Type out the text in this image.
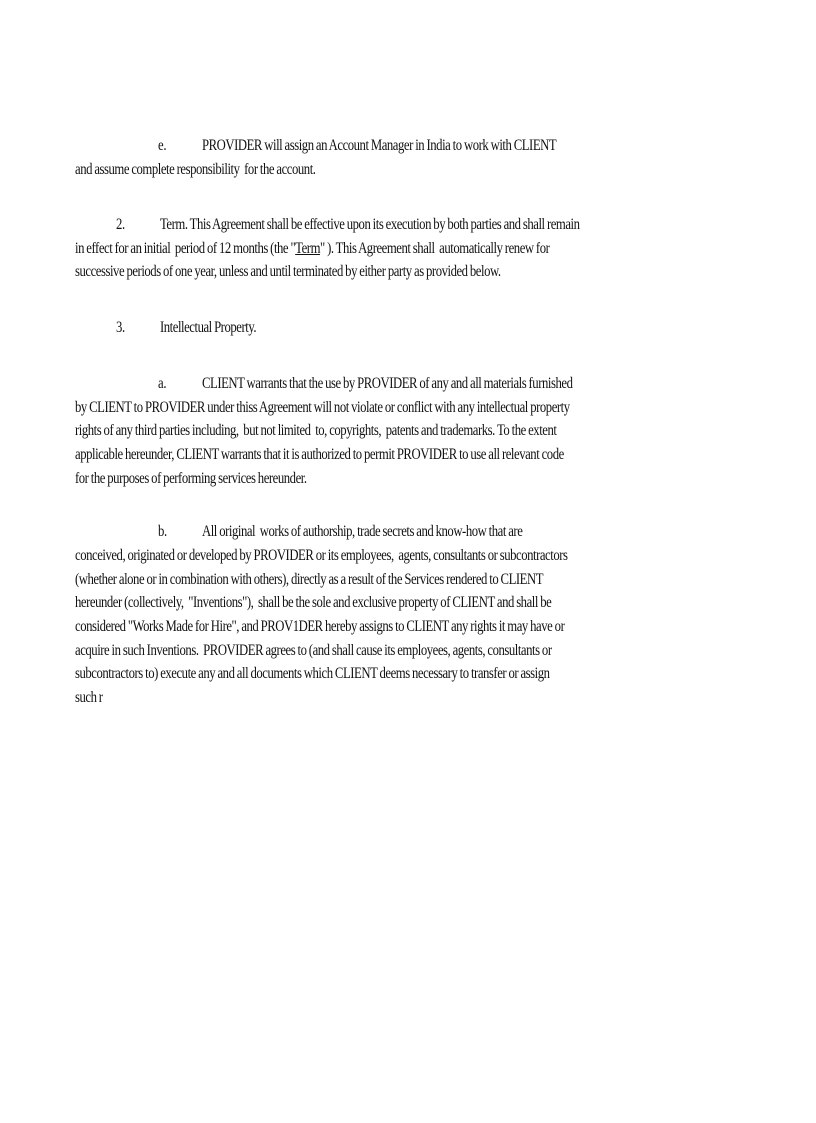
e. PROVIDER will assign an Account Manager in India to work with CLIENT
and assume complete responsibility  for the account.
2. Term. This Agreement shall be effective upon its execution by both parties and shall remain
in effect for an initial  period of 12 months (the "Term" ). This Agreement shall  automatically renew for
successive periods of one year, unless and until terminated by either party as provided below.
3. Intellectual Property.
a. CLIENT warrants that the use by PROVIDER of any and all materials furnished
by CLIENT to PROVIDER under thiss Agreement will not violate or conflict with any intellectual property
rights of any third parties including,  but not limited  to, copyrights,  patents and trademarks. To the extent
applicable hereunder, CLIENT warrants that it is authorized to permit PROVIDER to use all relevant code
for the purposes of performing services hereunder.
b. All original  works of authorship, trade secrets and know-how that are
conceived, originated or developed by PROVIDER or its employees,  agents, consultants or subcontractors
(whether alone or in combination with others), directly as a result of the Services rendered to CLIENT
hereunder (collectively,  "Inventions"),  shall be the sole and exclusive property of CLIENT and shall be
considered "Works Made for Hire", and PROV1DER hereby assigns to CLIENT any rights it may have or
acquire in such Inventions.  PROVIDER agrees to (and shall cause its employees, agents, consultants or
subcontractors to) execute any and all documents which CLIENT deems necessary to transfer or assign
such r
